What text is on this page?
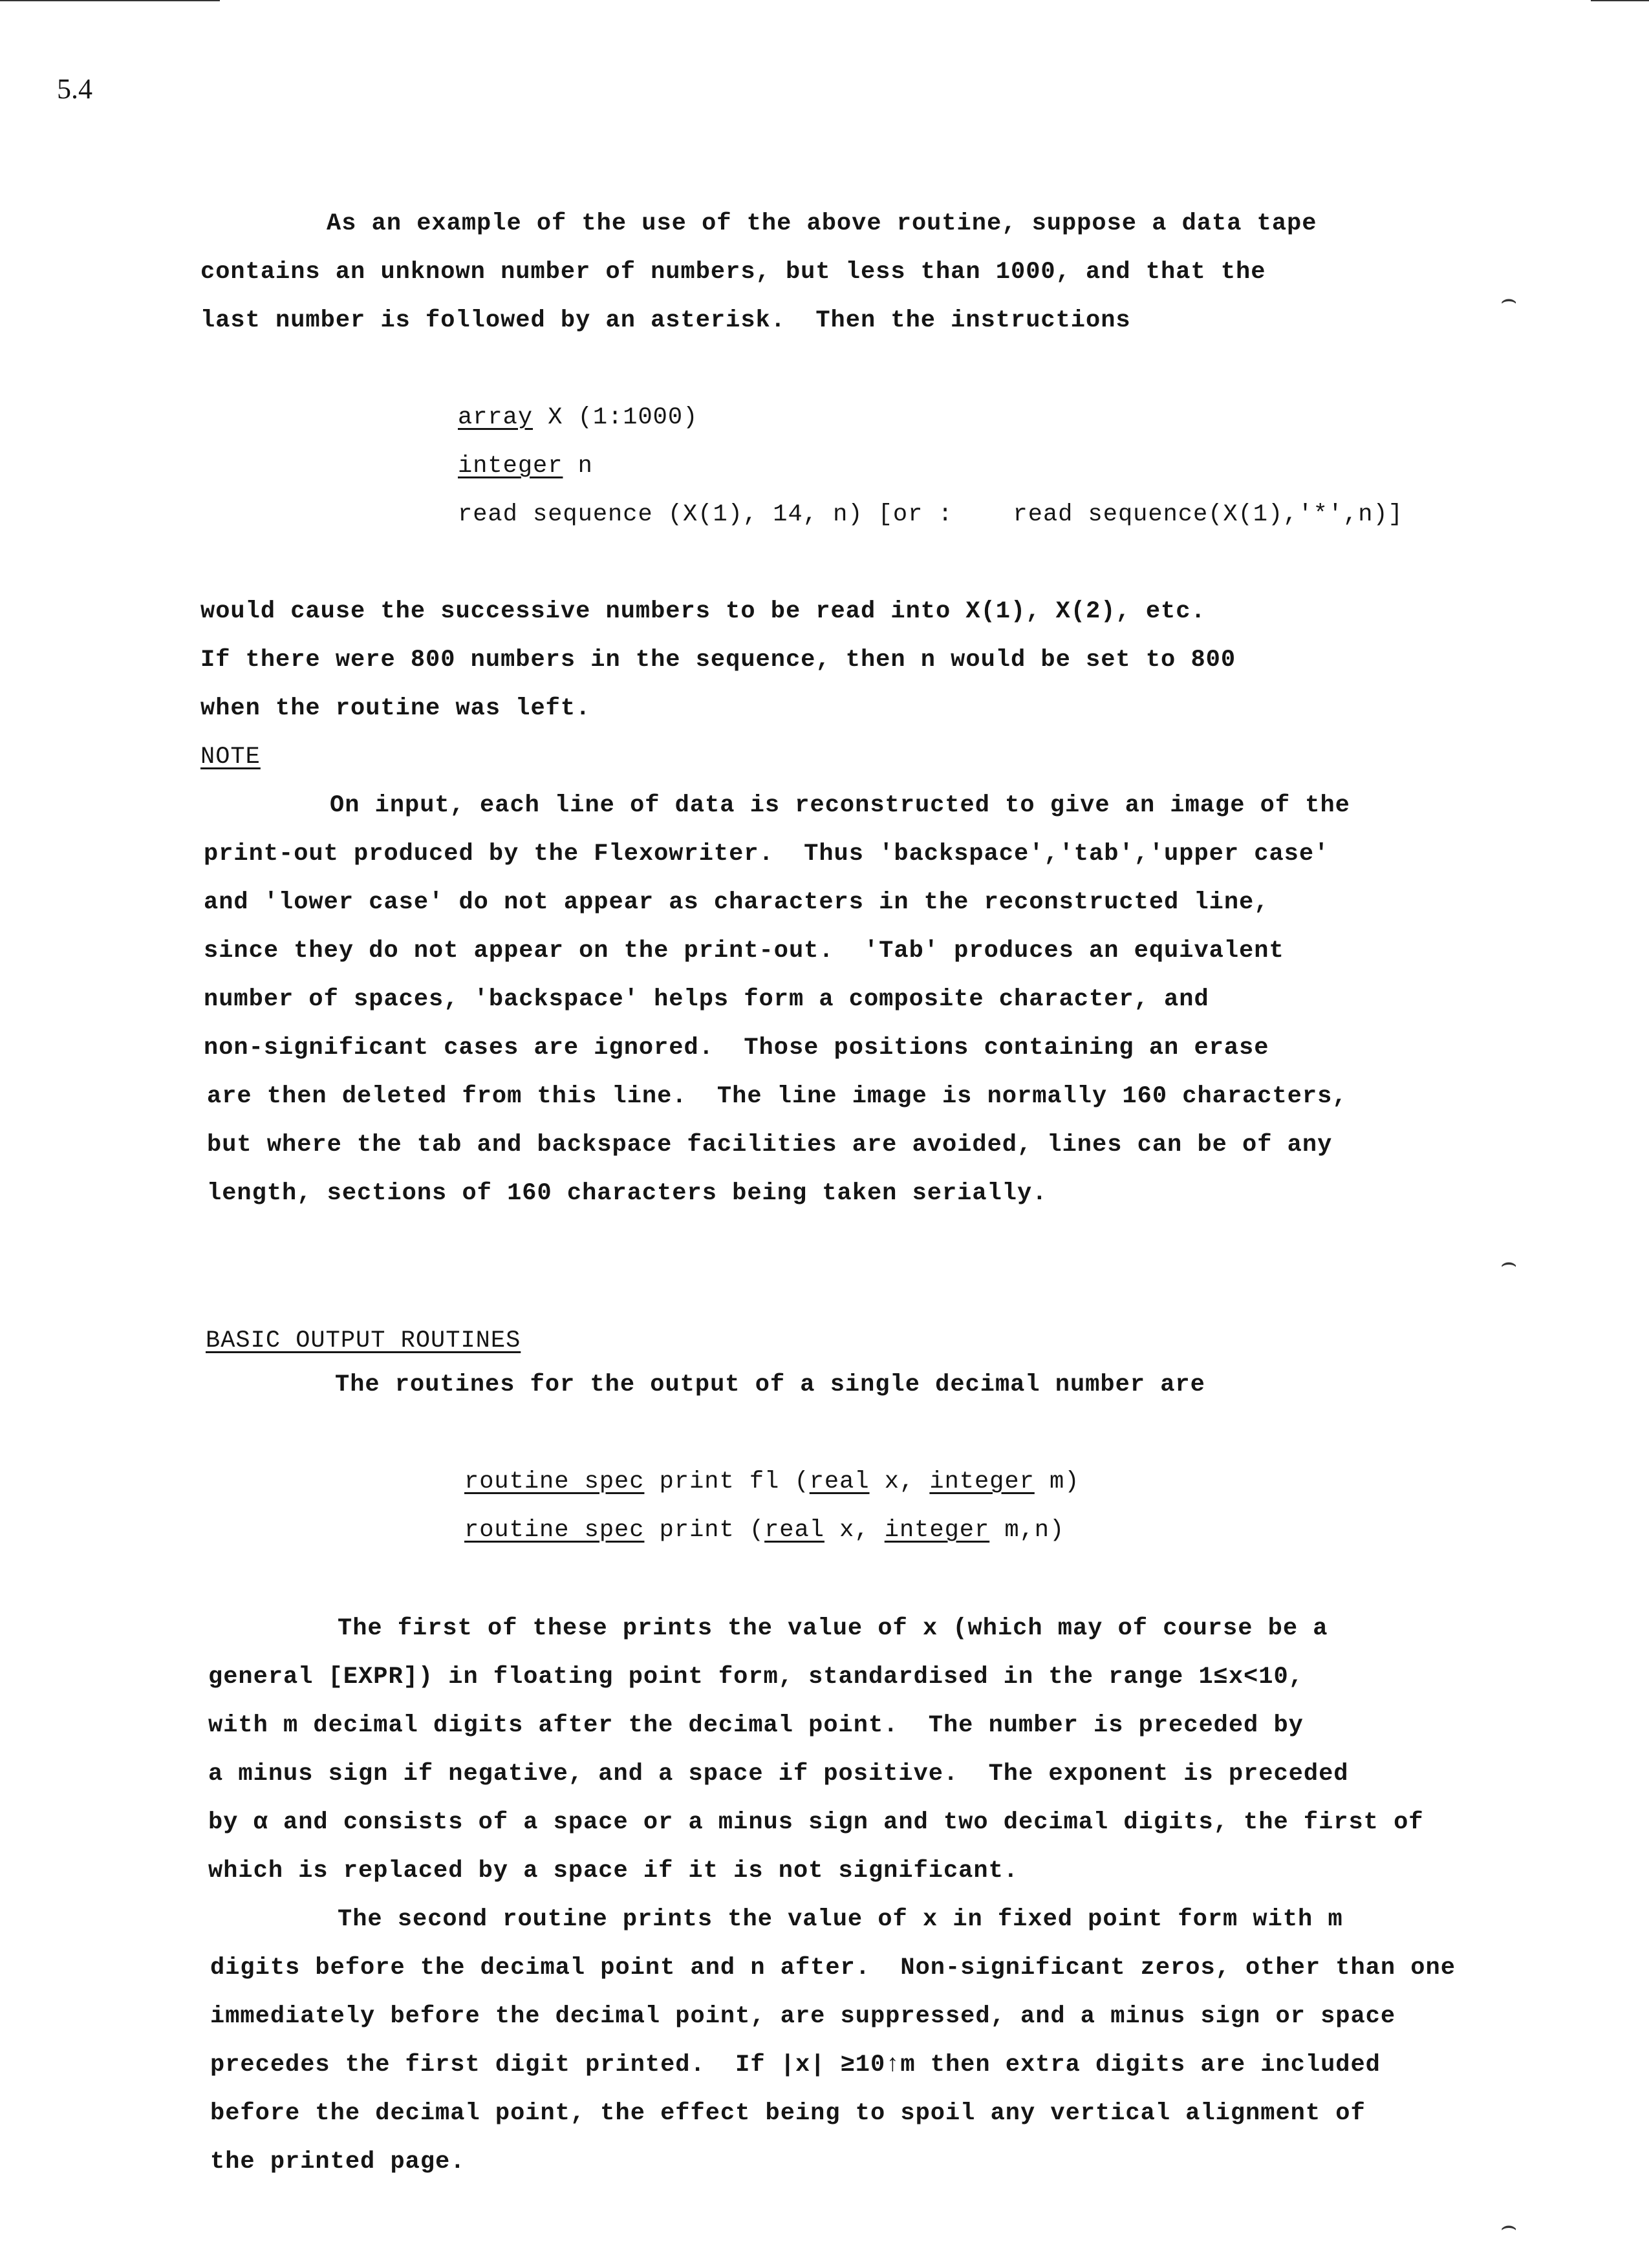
5.4
As an example of the use of the above routine, suppose a data tape
contains an unknown number of numbers, but less than 1000, and that the
last number is followed by an asterisk.  Then the instructions
array X (1:1000)
integer n
read sequence (X(1), 14, n) [or :    read sequence(X(1),'*',n)]
would cause the successive numbers to be read into X(1), X(2), etc.
If there were 800 numbers in the sequence, then n would be set to 800
when the routine was left.
NOTE
On input, each line of data is reconstructed to give an image of the
print-out produced by the Flexowriter.  Thus 'backspace','tab','upper case'
and 'lower case' do not appear as characters in the reconstructed line,
since they do not appear on the print-out.  'Tab' produces an equivalent
number of spaces, 'backspace' helps form a composite character, and
non-significant cases are ignored.  Those positions containing an erase
are then deleted from this line.  The line image is normally 160 characters,
but where the tab and backspace facilities are avoided, lines can be of any
length, sections of 160 characters being taken serially.
BASIC OUTPUT ROUTINES
The routines for the output of a single decimal number are
routine spec print fl (real x, integer m)
routine spec print (real x, integer m,n)
The first of these prints the value of x (which may of course be a
general [EXPR]) in floating point form, standardised in the range 1≤x<10,
with m decimal digits after the decimal point.  The number is preceded by
a minus sign if negative, and a space if positive.  The exponent is preceded
by α and consists of a space or a minus sign and two decimal digits, the first of
which is replaced by a space if it is not significant.
The second routine prints the value of x in fixed point form with m
digits before the decimal point and n after.  Non-significant zeros, other than one
immediately before the decimal point, are suppressed, and a minus sign or space
precedes the first digit printed.  If |x| ≥10↑m then extra digits are included
before the decimal point, the effect being to spoil any vertical alignment of
the printed page.
⌢
⌢
⌢
